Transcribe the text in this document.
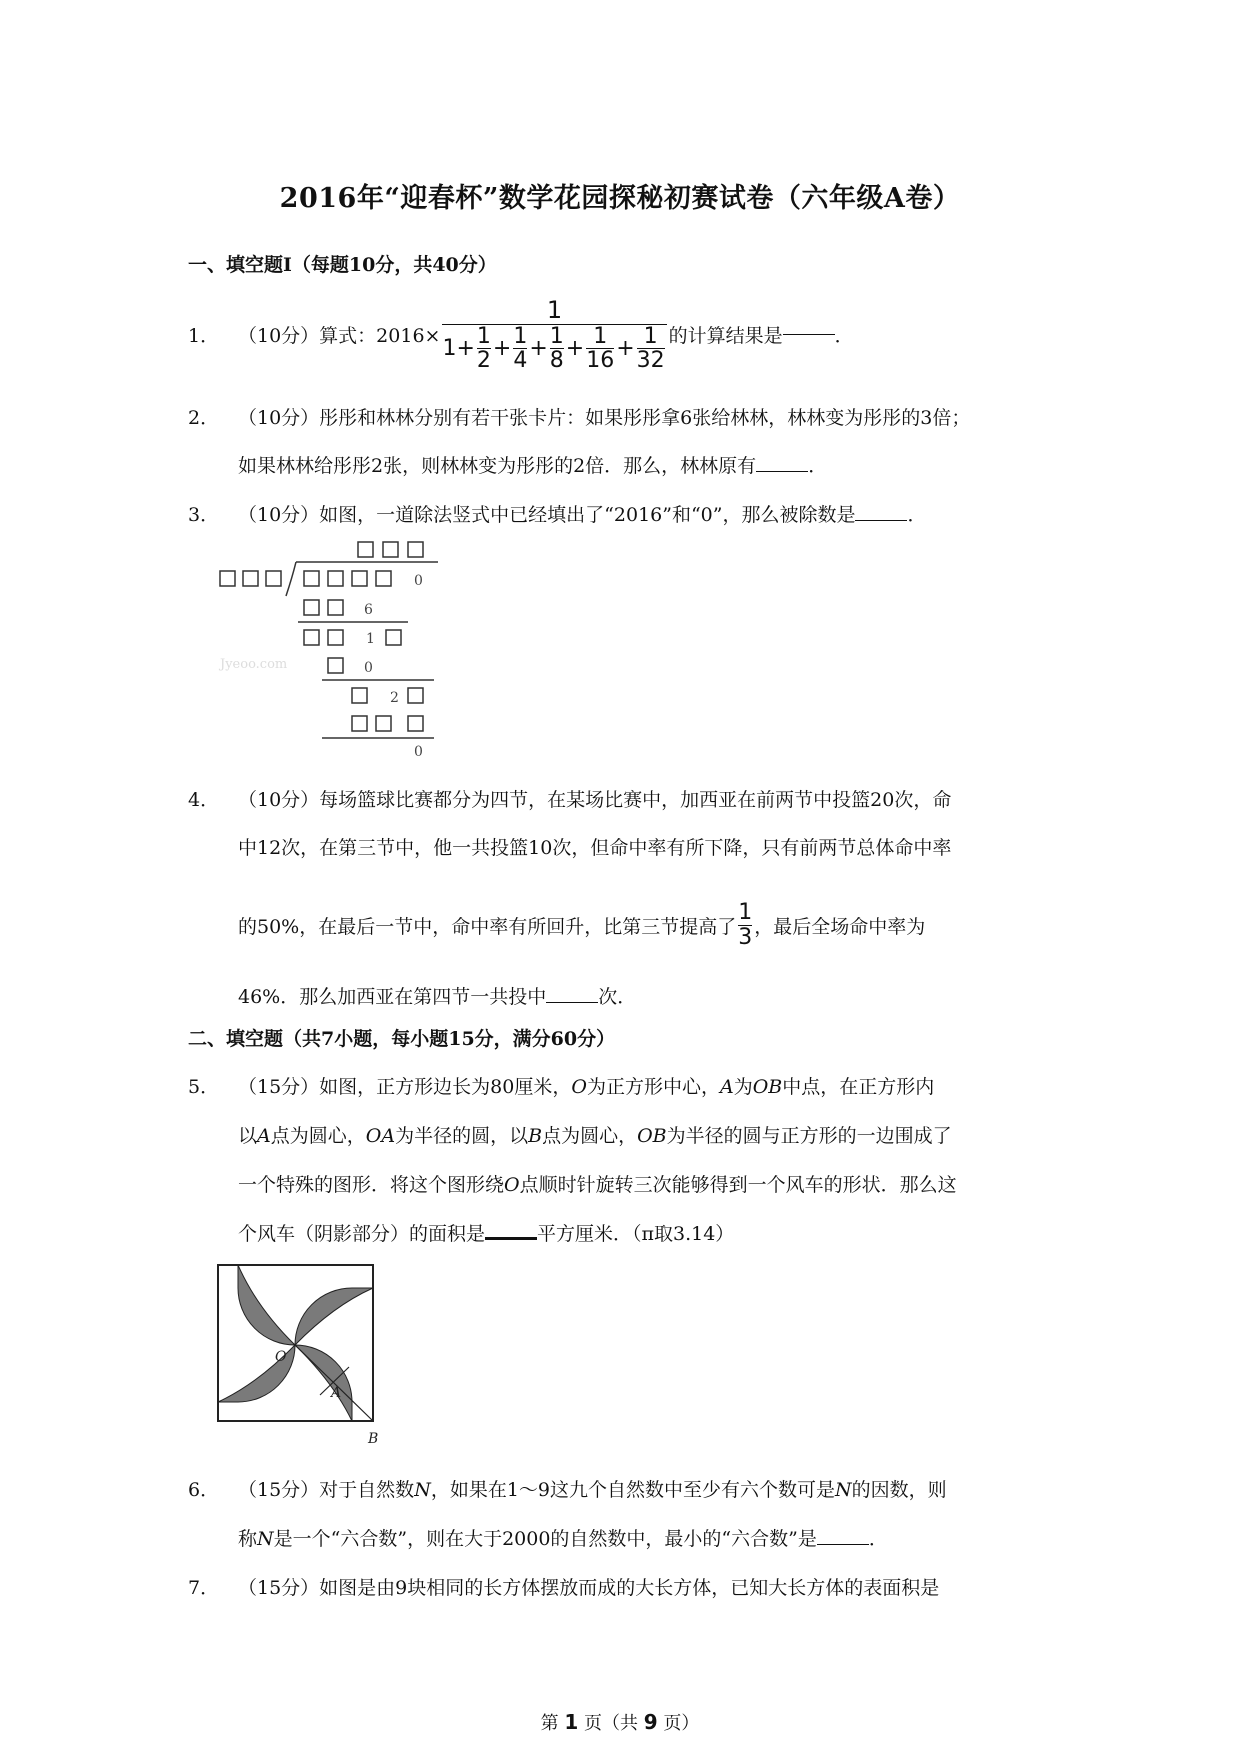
2016年“迎春杯”数学花园探秘初赛试卷（六年级A卷）
一、填空题Ⅰ（每题10分，共40分）
1． （10分）算式：2016×
1
$1+ \frac{1}{2} + \frac{1}{4} + \frac{1}{8} + \frac{1}{16} + \frac{1}{32}$ 的计算结果是	．
2． （10分）彤彤和林林分别有若干张卡片：如果彤彤拿6张给林林，林林变为彤彤的3倍；
如果林林给彤彤2张，则林林变为彤彤的2倍．那么，林林原有	．
3． （10分）如图，一道除法竖式中已经填出了“2016”和“0”，那么被除数是	．
0
6
1
0
2
0
Jyeoo.com
4． （10分）每场篮球比赛都分为四节，在某场比赛中，加西亚在前两节中投篮20次，命
中12次，在第三节中，他一共投篮10次，但命中率有所下降，只有前两节总体命中率
的50%，在最后一节中，命中率有所回升，比第三节提高了 $\frac{1}{3}$ ，最后全场命中率为
46%．那么加西亚在第四节一共投中	次．
二、填空题（共7小题，每小题15分，满分60分）
5． （15分）如图，正方形边长为80厘米，O为正方形中心，A为OB中点，在正方形内
以A点为圆心，OA为半径的圆，以B点为圆心，OB为半径的圆与正方形的一边围成了
一个特殊的图形．将这个图形绕O点顺时针旋转三次能够得到一个风车的形状．那么这
个风车（阴影部分）的面积是	平方厘米．（π取3.14）
O
A
B
6． （15分）对于自然数N，如果在1～9这九个自然数中至少有六个数可是N的因数，则
称N是一个“六合数”，则在大于2000的自然数中，最小的“六合数”是	．
7． （15分）如图是由9块相同的长方体摆放而成的大长方体，已知大长方体的表面积是
第 1 页（共 9 页）
